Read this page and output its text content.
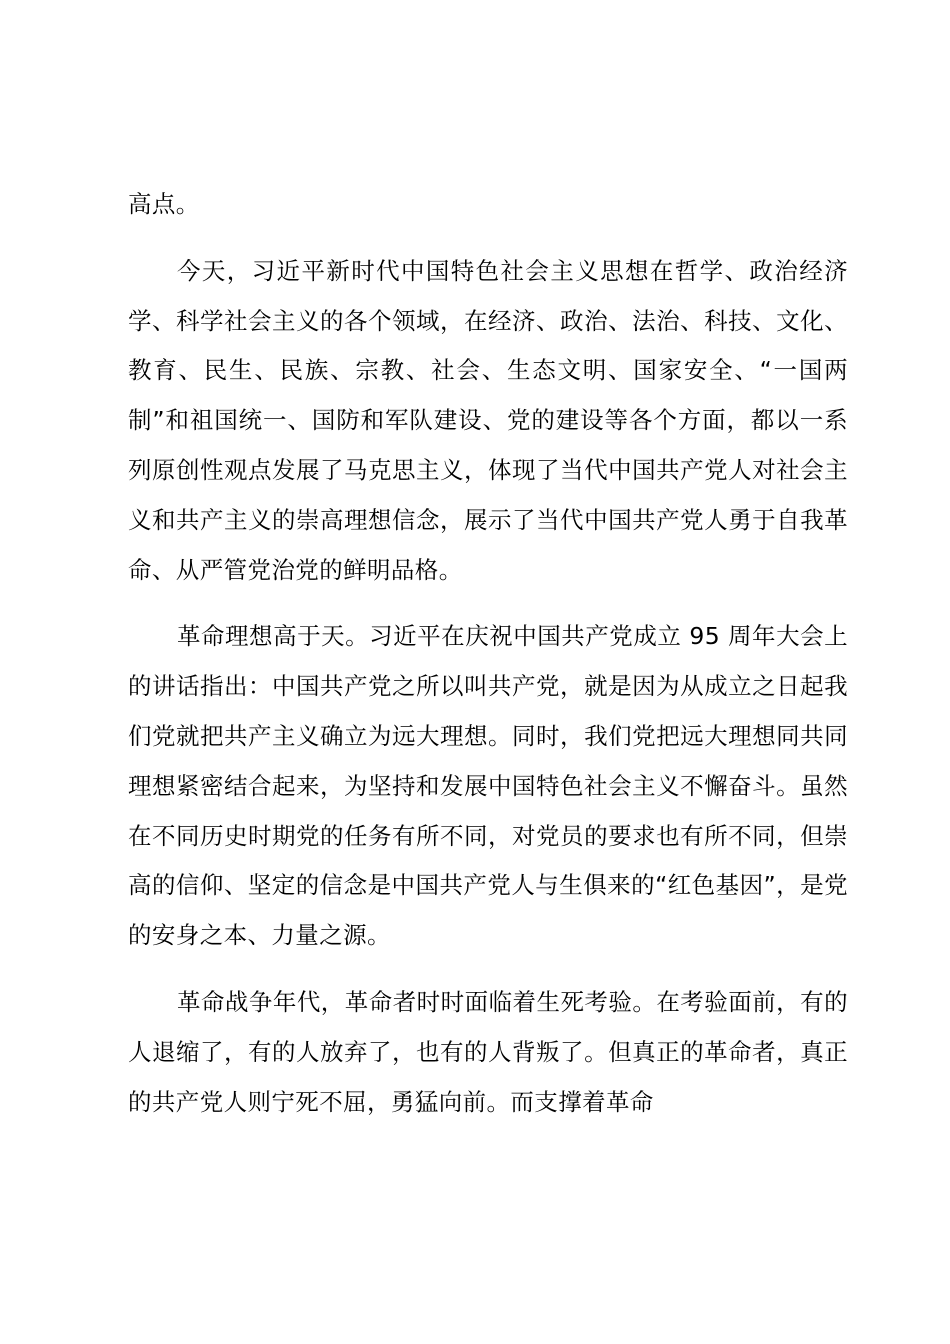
高点。

今天，习近平新时代中国特色社会主义思想在哲学、政治经济学、科学社会主义的各个领域，在经济、政治、法治、科技、文化、教育、民生、民族、宗教、社会、生态文明、国家安全、“一国两制”和祖国统一、国防和军队建设、党的建设等各个方面，都以一系列原创性观点发展了马克思主义，体现了当代中国共产党人对社会主义和共产主义的崇高理想信念，展示了当代中国共产党人勇于自我革命、从严管党治党的鲜明品格。

革命理想高于天。习近平在庆祝中国共产党成立 95 周年大会上的讲话指出：中国共产党之所以叫共产党，就是因为从成立之日起我们党就把共产主义确立为远大理想。同时，我们党把远大理想同共同理想紧密结合起来，为坚持和发展中国特色社会主义不懈奋斗。虽然在不同历史时期党的任务有所不同，对党员的要求也有所不同，但崇高的信仰、坚定的信念是中国共产党人与生俱来的“红色基因”，是党的安身之本、力量之源。

革命战争年代，革命者时时面临着生死考验。在考验面前，有的人退缩了，有的人放弃了，也有的人背叛了。但真正的革命者，真正的共产党人则宁死不屈，勇猛向前。而支撑着革命
